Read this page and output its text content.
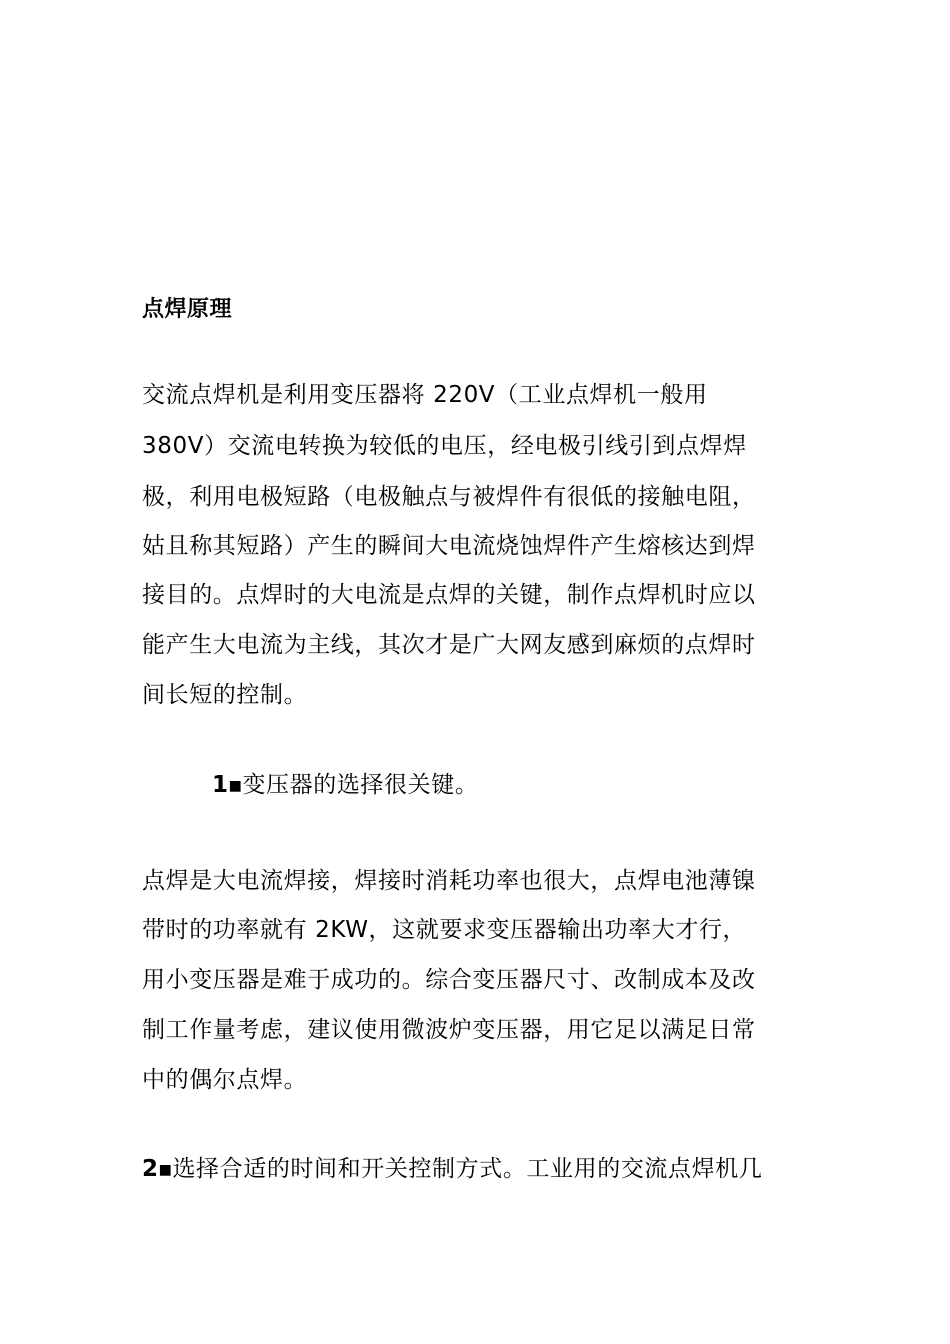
点焊原理
交流点焊机是利用变压器将 220V（工业点焊机一般用
380V）交流电转换为较低的电压，经电极引线引到点焊焊
极，利用电极短路（电极触点与被焊件有很低的接触电阻，
姑且称其短路）产生的瞬间大电流烧蚀焊件产生熔核达到焊
接目的。点焊时的大电流是点焊的关键，制作点焊机时应以
能产生大电流为主线，其次才是广大网友感到麻烦的点焊时
间长短的控制。
1■变压器的选择很关键。
点焊是大电流焊接，焊接时消耗功率也很大，点焊电池薄镍
带时的功率就有 2KW，这就要求变压器输出功率大才行，
用小变压器是难于成功的。综合变压器尺寸、改制成本及改
制工作量考虑，建议使用微波炉变压器，用它足以满足日常
中的偶尔点焊。
2■选择合适的时间和开关控制方式。工业用的交流点焊机几
